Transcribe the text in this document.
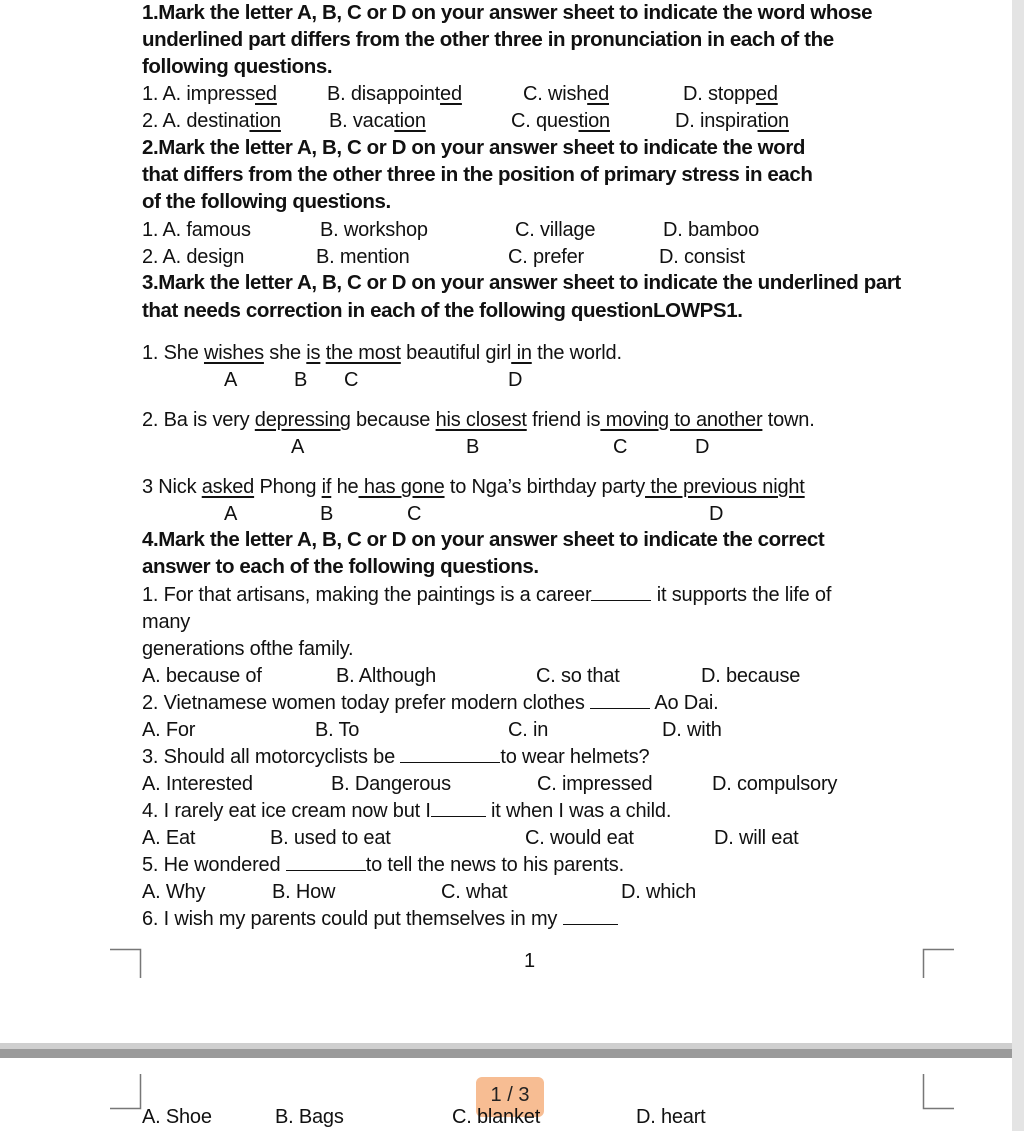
1.Mark the letter A, B, C or D on your answer sheet to indicate the word whose
underlined part differs from the other three in pronunciation in each of the
following questions.
1. A. impressed	B. disappointed	C. wished	D. stopped
2. A. destination B. vacation	C. question	D. inspiration
2.Mark the letter A, B, C or D on your answer sheet to indicate the word
that differs from the other three in the position of primary stress in each
of the following questions.
1. A. famous	B. workshop	C. village	D. bamboo
2. A. design	B. mention	C. prefer	D. consist
3.Mark the letter A, B, C or D on your answer sheet to indicate the underlined part
that needs correction in each of the following questionLOWPS1.
1. She wishes she is the most beautiful girl in the world.
A	B C	D
2. Ba is very depressing because his closest friend is moving to another town.
A	B	C	D
3 Nick asked Phong if he has gone to Nga’s birthday party the previous night
A	B	C	D
4.Mark the letter A, B, C or D on your answer sheet to indicate the correct
answer to each of the following questions.
1. For that artisans, making the paintings is a career	it supports the life of
many
generations ofthe family.
A. because of	B. Although	C. so that	D. because
2. Vietnamese women today prefer modern clothes	Ao Dai.
A. For	B. To	C. in	D. with
3. Should all motorcyclists be	to wear helmets?
A. Interested	B. Dangerous	C. impressed	D. compulsory
4. I rarely eat ice cream now but I	it when I was a child.
A. Eat	B. used to eat	C. would eat	D. will eat
5. He wondered	to tell the news to his parents.
A. Why	B. How	C. what	D. which
6. I wish my parents could put themselves in my
1
A. Shoe	B. Bags	C. blanket	D. heart
1 / 3
